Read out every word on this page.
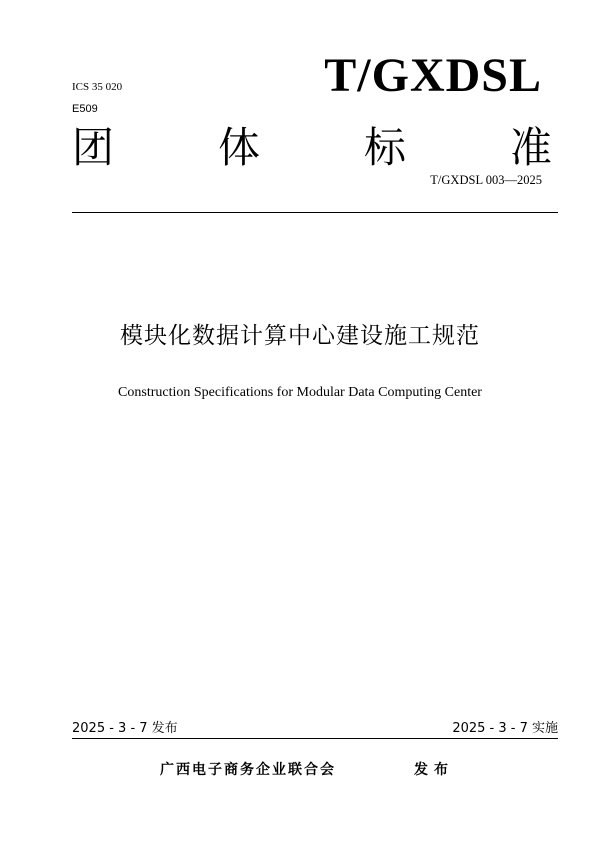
ICS 35 020
E509
T/GXDSL
团 体 标 准
T/GXDSL 003—2025
模块化数据计算中心建设施工规范
Construction Specifications for Modular Data Computing Center
2025 - 3 - 7 发布	2025 - 3 - 7 实施
广西电子商务企业联合会	发布
